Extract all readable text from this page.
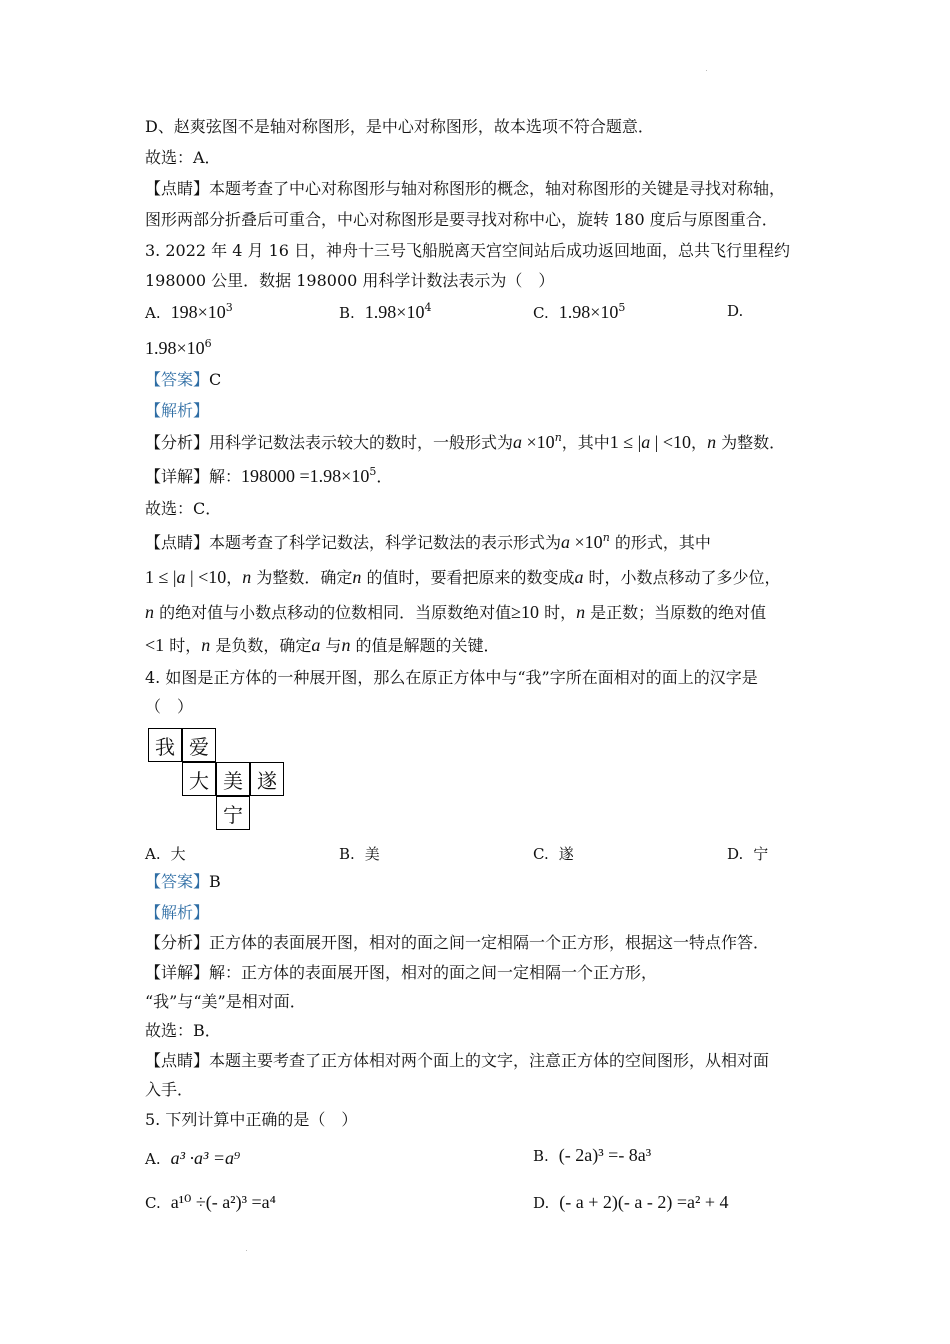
D、赵爽弦图不是轴对称图形，是中心对称图形，故本选项不符合题意．
故选：A．
【点睛】本题考查了中心对称图形与轴对称图形的概念，轴对称图形的关键是寻找对称轴，
图形两部分折叠后可重合，中心对称图形是要寻找对称中心，旋转 180 度后与原图重合．
3. 2022 年 4 月 16 日，神舟十三号飞船脱离天宫空间站后成功返回地面，总共飞行里程约
198000 公里．数据 198000 用科学计数法表示为（　）
A. $198\times 10^3$	B. $1.98\times 10^4$	C. $1.98\times 10^5$	D.
$1.98\times 10^6$
【答案】C
【解析】
【分析】用科学记数法表示较大的数时，一般形式为$a \times 10^n$，其中1 ≤ |a | <10，n 为整数．
【详解】解：$198000 =1.98\times 10^5$．
故选：C．
【点睛】本题考查了科学记数法，科学记数法的表示形式为$a \times 10^n$ 的形式，其中
1 ≤ |a | <10，n 为整数．确定n 的值时，要看把原来的数变成a 时，小数点移动了多少位，
n 的绝对值与小数点移动的位数相同．当原数绝对值≥10 时，n 是正数；当原数的绝对值
<1 时，n 是负数，确定a 与n 的值是解题的关键．
4. 如图是正方体的一种展开图，那么在原正方体中与“我”字所在面相对的面上的汉字是
（　）
我 爱
大 美 遂
宁
A. 大	B. 美	C. 遂	D. 宁
【答案】B
【解析】
【分析】正方体的表面展开图，相对的面之间一定相隔一个正方形，根据这一特点作答．
【详解】解：正方体的表面展开图，相对的面之间一定相隔一个正方形，
“我”与“美”是相对面．
故选：B．
【点睛】本题主要考查了正方体相对两个面上的文字，注意正方体的空间图形，从相对面
入手．
5. 下列计算中正确的是（　）
A. a³ ·a³ =a⁹	B. (- 2a)³ =- 8a³
C. a¹⁰ ÷(- a²)³ =a⁴	D. (- a + 2)(- a - 2) =a² + 4
